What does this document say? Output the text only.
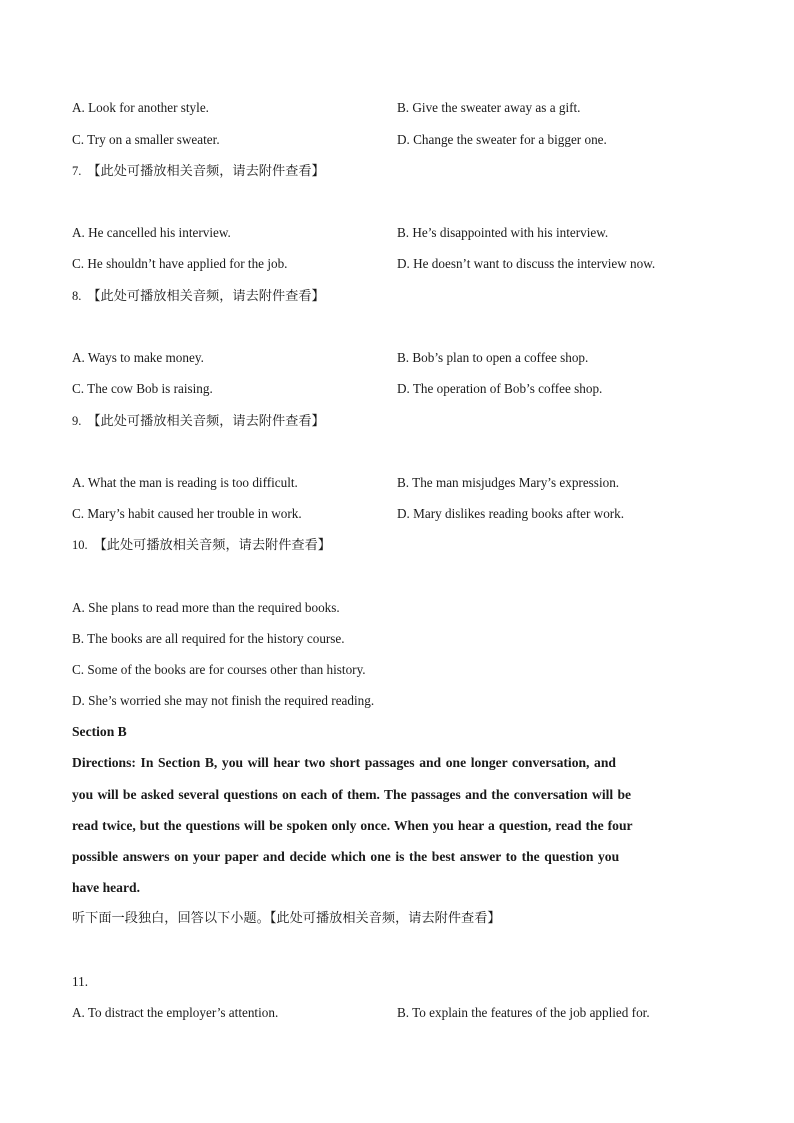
A. Look for another style.	B. Give the sweater away as a gift.
C. Try on a smaller sweater.	D. Change the sweater for a bigger one.
7. 【此处可播放相关音频，请去附件查看】
A. He cancelled his interview.	B. He’s disappointed with his interview.
C. He shouldn’t have applied for the job.	D. He doesn’t want to discuss the interview now.
8. 【此处可播放相关音频，请去附件查看】
A. Ways to make money.	B. Bob’s plan to open a coffee shop.
C. The cow Bob is raising.	D. The operation of Bob’s coffee shop.
9. 【此处可播放相关音频，请去附件查看】
A. What the man is reading is too difficult.	B. The man misjudges Mary’s expression.
C. Mary’s habit caused her trouble in work.	D. Mary dislikes reading books after work.
10. 【此处可播放相关音频，请去附件查看】
A. She plans to read more than the required books.
B. The books are all required for the history course.
C. Some of the books are for courses other than history.
D. She’s worried she may not finish the required reading.
Section B
Directions: In Section B, you will hear two short passages and one longer conversation, and
you will be asked several questions on each of them. The passages and the conversation will be
read twice, but the questions will be spoken only once. When you hear a question, read the four
possible answers on your paper and decide which one is the best answer to the question you
have heard.
听下面一段独白，回答以下小题。【此处可播放相关音频，请去附件查看】
11.
A. To distract the employer’s attention.	B. To explain the features of the job applied for.
